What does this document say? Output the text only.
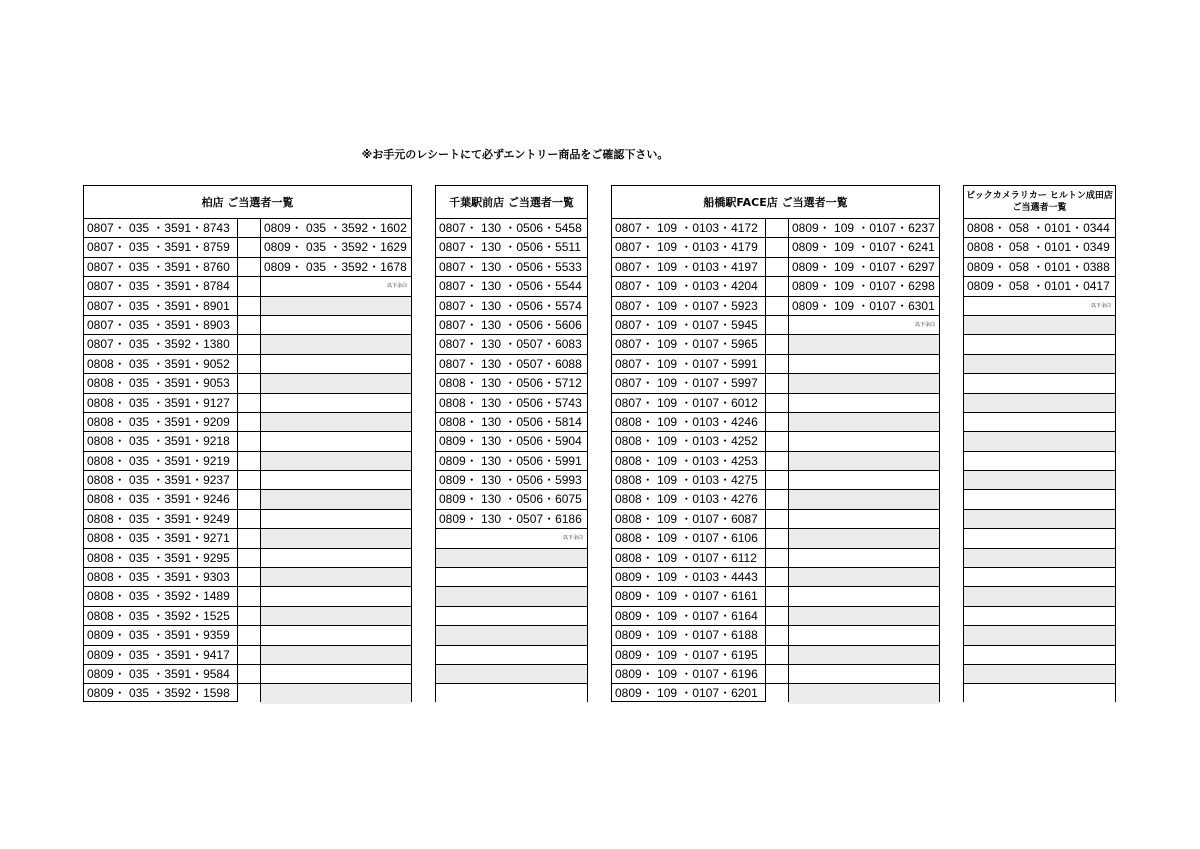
※お手元のレシートにて必ずエントリー商品をご確認下さい。
柏店 ご当選者一覧
0807・ 035 ・3591・8743
0807・ 035 ・3591・8759
0807・ 035 ・3591・8760
0807・ 035 ・3591・8784
0807・ 035 ・3591・8901
0807・ 035 ・3591・8903
0807・ 035 ・3592・1380
0808・ 035 ・3591・9052
0808・ 035 ・3591・9053
0808・ 035 ・3591・9127
0808・ 035 ・3591・9209
0808・ 035 ・3591・9218
0808・ 035 ・3591・9219
0808・ 035 ・3591・9237
0808・ 035 ・3591・9246
0808・ 035 ・3591・9249
0808・ 035 ・3591・9271
0808・ 035 ・3591・9295
0808・ 035 ・3591・9303
0808・ 035 ・3592・1489
0808・ 035 ・3592・1525
0809・ 035 ・3591・9359
0809・ 035 ・3591・9417
0809・ 035 ・3591・9584
0809・ 035 ・3592・1598
0809・ 035 ・3592・1602
0809・ 035 ・3592・1629
0809・ 035 ・3592・1678
以下余白
千葉駅前店 ご当選者一覧
0807・ 130 ・0506・5458
0807・ 130 ・0506・5511
0807・ 130 ・0506・5533
0807・ 130 ・0506・5544
0807・ 130 ・0506・5574
0807・ 130 ・0506・5606
0807・ 130 ・0507・6083
0807・ 130 ・0507・6088
0808・ 130 ・0506・5712
0808・ 130 ・0506・5743
0808・ 130 ・0506・5814
0809・ 130 ・0506・5904
0809・ 130 ・0506・5991
0809・ 130 ・0506・5993
0809・ 130 ・0506・6075
0809・ 130 ・0507・6186
以下余白
船橋駅FACE店 ご当選者一覧
0807・ 109 ・0103・4172
0807・ 109 ・0103・4179
0807・ 109 ・0103・4197
0807・ 109 ・0103・4204
0807・ 109 ・0107・5923
0807・ 109 ・0107・5945
0807・ 109 ・0107・5965
0807・ 109 ・0107・5991
0807・ 109 ・0107・5997
0807・ 109 ・0107・6012
0808・ 109 ・0103・4246
0808・ 109 ・0103・4252
0808・ 109 ・0103・4253
0808・ 109 ・0103・4275
0808・ 109 ・0103・4276
0808・ 109 ・0107・6087
0808・ 109 ・0107・6106
0808・ 109 ・0107・6112
0809・ 109 ・0103・4443
0809・ 109 ・0107・6161
0809・ 109 ・0107・6164
0809・ 109 ・0107・6188
0809・ 109 ・0107・6195
0809・ 109 ・0107・6196
0809・ 109 ・0107・6201
0809・ 109 ・0107・6237
0809・ 109 ・0107・6241
0809・ 109 ・0107・6297
0809・ 109 ・0107・6298
0809・ 109 ・0107・6301
以下余白
ビックカメラリカー ヒルトン成田店
ご当選者一覧
0808・ 058 ・0101・0344
0808・ 058 ・0101・0349
0809・ 058 ・0101・0388
0809・ 058 ・0101・0417
以下余白
